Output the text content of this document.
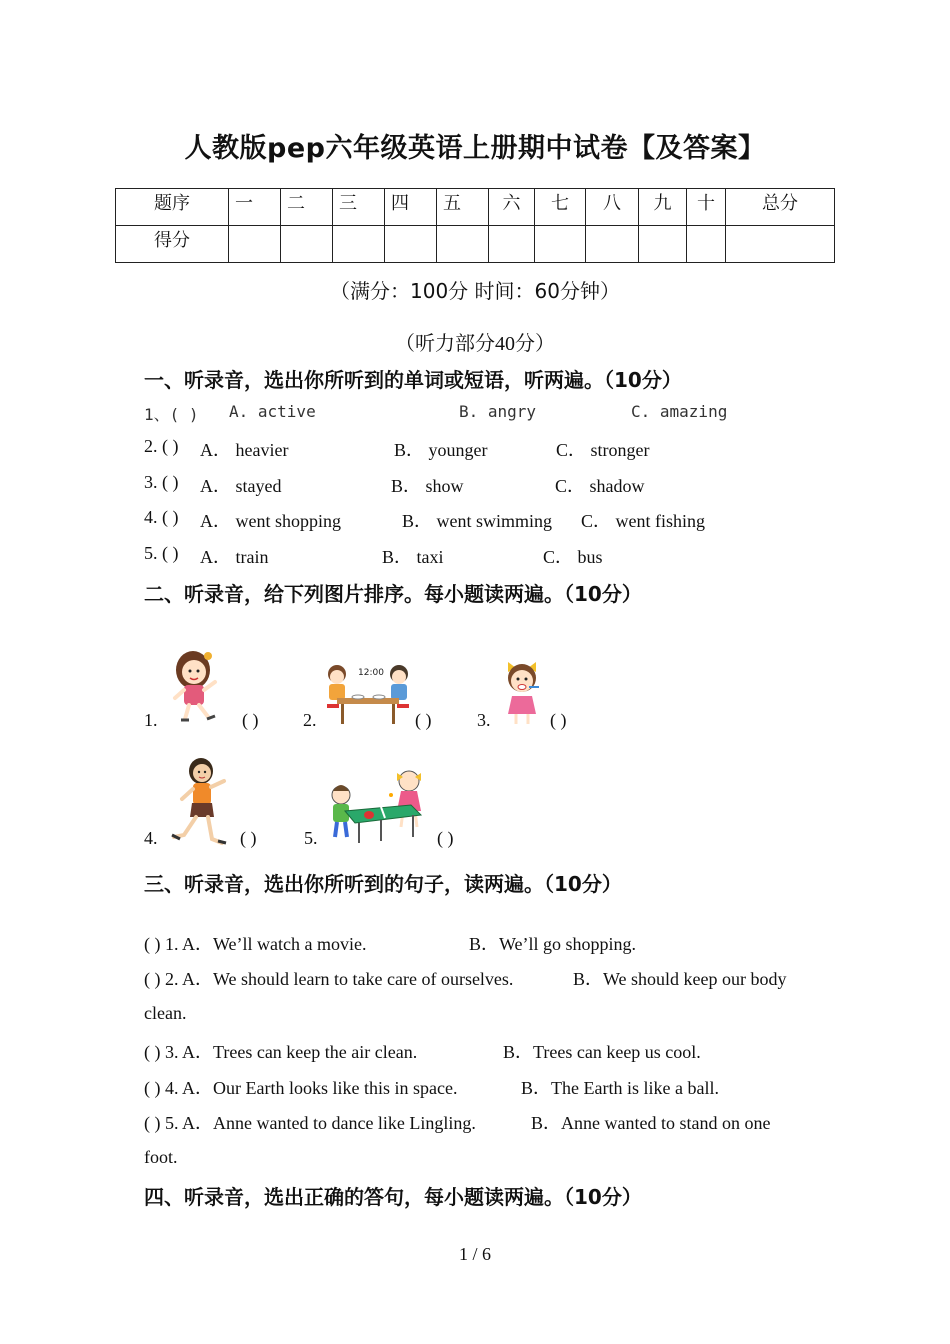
人教版pep六年级英语上册期中试卷【及答案】
题序	一	二	三	四	五	六	七	八	九	十	总分
得分											
（满分：100分 时间：60分钟）
（听力部分40分）
一、听录音，选出你所听到的单词或短语，听两遍。（10分）
1、( ) A. active	B. angry	C. amazing
2. ( ) A． heavier	B． younger	C． stronger
3. ( ) A． stayed	B． show	C． shadow
4. ( ) A． went shopping	B． went swimming C． went fishing
5. ( ) A． train	B． taxi	C． bus
二、听录音，给下列图片排序。每小题读两遍。（10分）
1.	( ) 2.
12:00
( )	3.	( )
4.	( )	5.	( )
三、听录音，选出你所听到的句子，读两遍。（10分）
( ) 1. A．We’ll watch a movie.	B．We’ll go shopping.
( ) 2. A．We should learn to take care of ourselves.	B．We should keep our body
clean.
( ) 3. A．Trees can keep the air clean.	B．Trees can keep us cool.
( ) 4. A．Our Earth looks like this in space.	B．The Earth is like a ball.
( ) 5. A．Anne wanted to dance like Lingling.	B．Anne wanted to stand on one
foot.
四、听录音，选出正确的答句，每小题读两遍。（10分）
1 / 6
